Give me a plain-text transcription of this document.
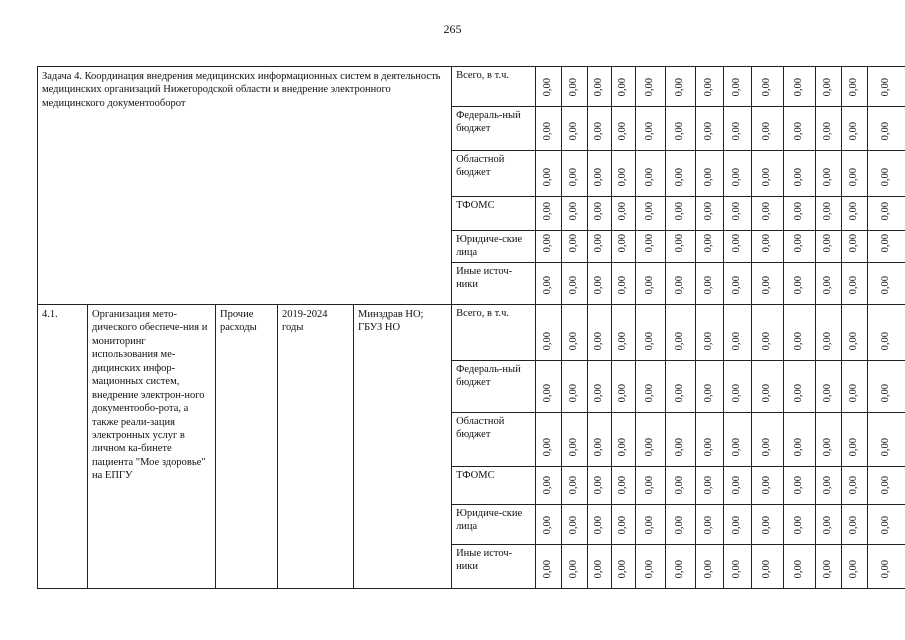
265
Задача 4. Координация внедрения медицинских информационных систем в деятельность медицинских организаций Нижегородской области и внедрение электронного медицинского документооборот					Всего, в т.ч.	0,00	0,00	0,00	0,00	0,00	0,00	0,00	0,00	0,00	0,00	0,00	0,00	0,00
					Федераль-ный бюджет	0,00	0,00	0,00	0,00	0,00	0,00	0,00	0,00	0,00	0,00	0,00	0,00	0,00
					Областной бюджет	0,00	0,00	0,00	0,00	0,00	0,00	0,00	0,00	0,00	0,00	0,00	0,00	0,00
					ТФОМС	0,00	0,00	0,00	0,00	0,00	0,00	0,00	0,00	0,00	0,00	0,00	0,00	0,00
					Юридиче-ские лица	0,00	0,00	0,00	0,00	0,00	0,00	0,00	0,00	0,00	0,00	0,00	0,00	0,00
					Иные источ-ники	0,00	0,00	0,00	0,00	0,00	0,00	0,00	0,00	0,00	0,00	0,00	0,00	0,00
4.1.	Организация мето-дического обеспече-ния и мониторинг использования ме-дицинских инфор-мационных систем, внедрение электрон-ного документообо-рота, а также реали-зация электронных услуг в личном ка-бинете пациента "Мое здоровье" на ЕПГУ	Прочие расходы	2019-2024 годы	Минздрав НО; ГБУЗ НО	Всего, в т.ч.	0,00	0,00	0,00	0,00	0,00	0,00	0,00	0,00	0,00	0,00	0,00	0,00	0,00
					Федераль-ный бюджет	0,00	0,00	0,00	0,00	0,00	0,00	0,00	0,00	0,00	0,00	0,00	0,00	0,00
					Областной бюджет	0,00	0,00	0,00	0,00	0,00	0,00	0,00	0,00	0,00	0,00	0,00	0,00	0,00
					ТФОМС	0,00	0,00	0,00	0,00	0,00	0,00	0,00	0,00	0,00	0,00	0,00	0,00	0,00
					Юридиче-ские лица	0,00	0,00	0,00	0,00	0,00	0,00	0,00	0,00	0,00	0,00	0,00	0,00	0,00
					Иные источ-ники	0,00	0,00	0,00	0,00	0,00	0,00	0,00	0,00	0,00	0,00	0,00	0,00	0,00
